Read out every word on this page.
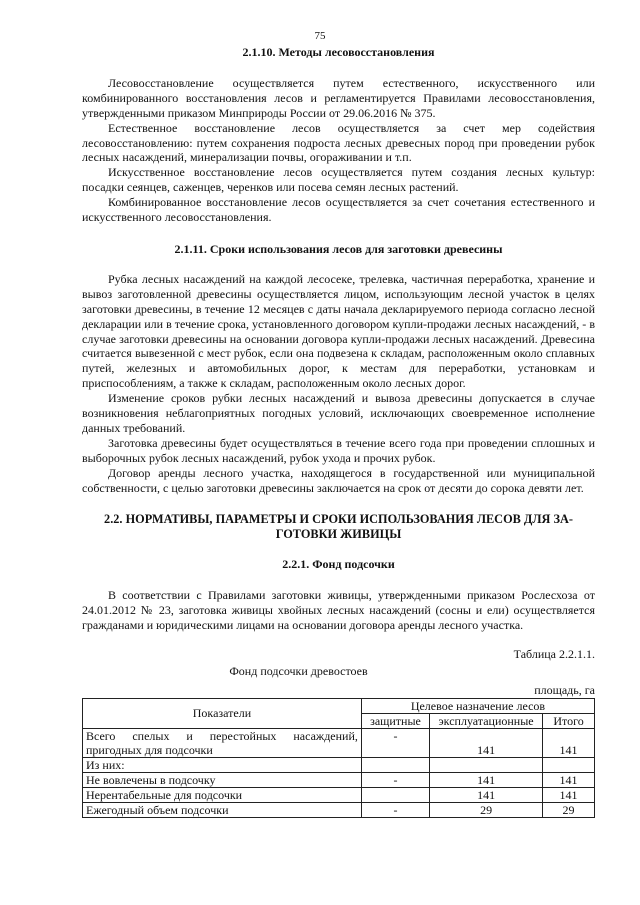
75
2.1.10. Методы лесовосстановления

Лесовосстановление осуществляется путем естественного, искусственного или комбинированного восстановления лесов и регламентируется Правилами лесовосстановления, утвержденными приказом Минприроды России от 29.06.2016 № 375.

Естественное восстановление лесов осуществляется за счет мер содействия лесовосстановлению: путем сохранения подроста лесных древесных пород при проведении рубок лесных насаждений, минерализации почвы, огораживании и т.п.

Искусственное восстановление лесов осуществляется путем создания лесных культур: посадки сеянцев, саженцев, черенков или посева семян лесных растений.

Комбинированное восстановление лесов осуществляется за счет сочетания естественного и искусственного лесовосстановления.

2.1.11. Сроки использования лесов для заготовки древесины

Рубка лесных насаждений на каждой лесосеке, трелевка, частичная переработка, хранение и вывоз заготовленной древесины осуществляется лицом, использующим лесной участок в целях заготовки древесины, в течение 12 месяцев с даты начала декларируемого периода согласно лесной декларации или в течение срока, установленного договором купли-продажи лесных насаждений, - в случае заготовки древесины на основании договора купли-продажи лесных насаждений. Древесина считается вывезенной с мест рубок, если она подвезена к складам, расположенным около сплавных путей, железных и автомобильных дорог, к местам для переработки, установкам и приспособлениям, а также к складам, расположенным около лесных дорог.

Изменение сроков рубки лесных насаждений и вывоза древесины допускается в случае возникновения неблагоприятных погодных условий, исключающих своевременное исполнение данных требований.

Заготовка древесины будет осуществляться в течение всего года при проведении сплошных и выборочных рубок лесных насаждений, рубок ухода и прочих рубок.

Договор аренды лесного участка, находящегося в государственной или муниципальной собственности, с целью заготовки древесины заключается на срок от десяти до сорока девяти лет.

2.2. НОРМАТИВЫ, ПАРАМЕТРЫ И СРОКИ ИСПОЛЬЗОВАНИЯ ЛЕСОВ ДЛЯ ЗА-
ГОТОВКИ ЖИВИЦЫ
2.2.1. Фонд подсочки

В соответствии с Правилами заготовки живицы, утвержденными приказом Рослесхоза от 24.01.2012 № 23, заготовка живицы хвойных лесных насаждений (сосны и ели) осуществляется гражданами и юридическими лицами на основании договора аренды лесного участка.

Таблица 2.2.1.1.
Фонд подсочки древостоев
площадь, га
Показатели	Целевое назначение лесов		
	защитные	эксплуатационные	Итого
Всего спелых и перестойных насаждений, пригодных для подсочки	-	141	141
Из них:			
Не вовлечены в подсочку	-	141	141
Нерентабельные для подсочки		141	141
Ежегодный объем подсочки	-	29	29
